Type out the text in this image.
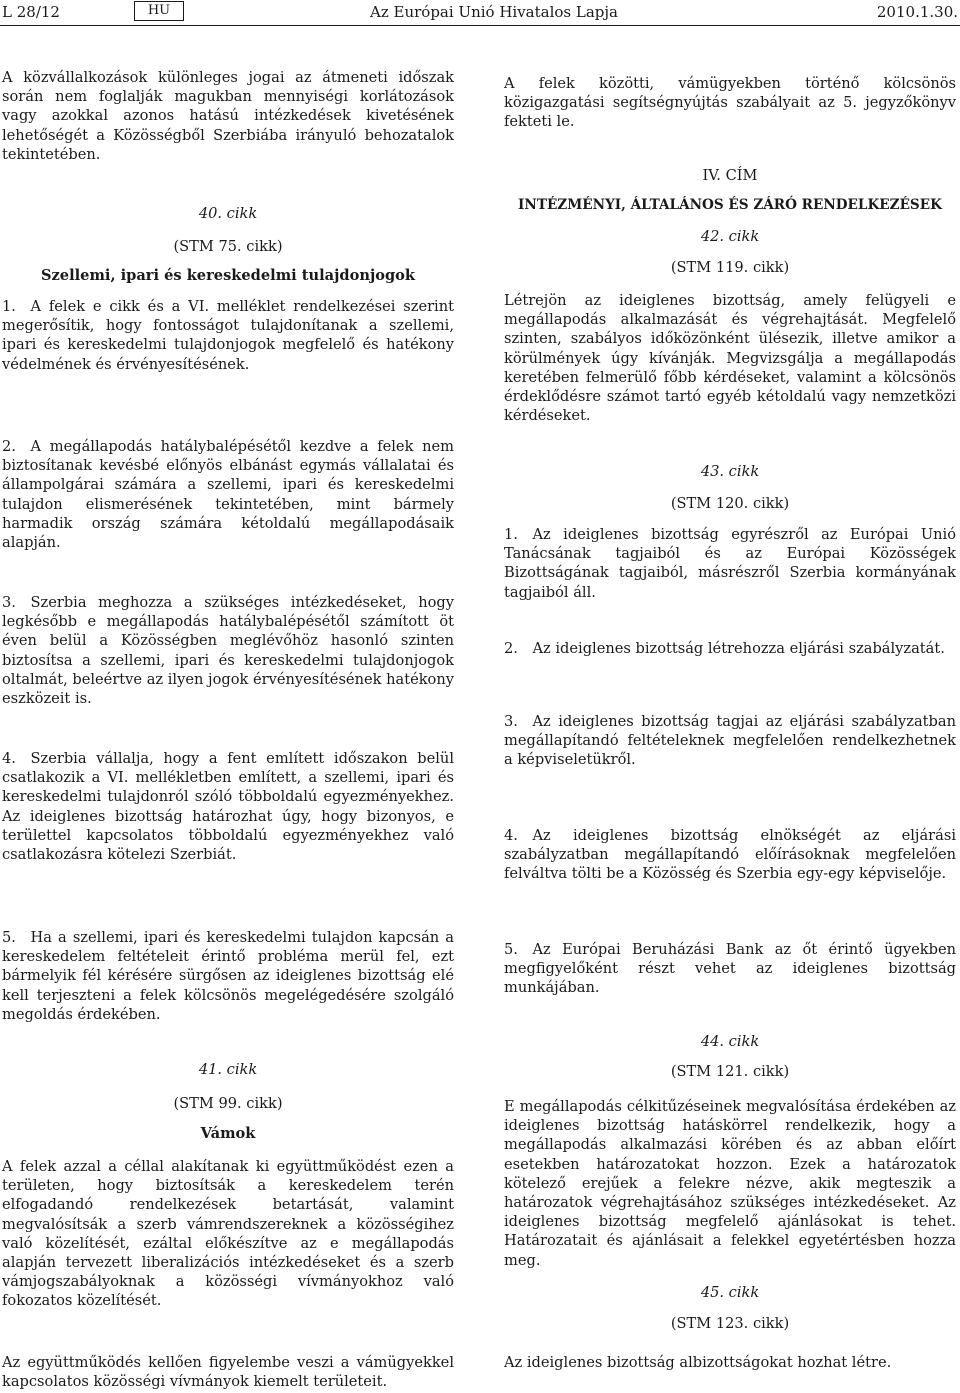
L 28/12	HU	Az Európai Unió Hivatalos Lapja	2010.1.30.

A közvállalkozások különleges jogai az átmeneti időszak során nem foglalják magukban mennyiségi korlátozások vagy azokkal azonos hatású intézkedések kivetésének lehetőségét a Közösségből Szerbiába irányuló behozatalok tekintetében.

40. cikk

(STM 75. cikk)

Szellemi, ipari és kereskedelmi tulajdonjogok

1. A felek e cikk és a VI. melléklet rendelkezései szerint megerősítik, hogy fontosságot tulajdonítanak a szellemi, ipari és kereskedelmi tulajdonjogok megfelelő és hatékony védelmének és érvényesítésének.

2. A megállapodás hatálybalépésétől kezdve a felek nem biztosítanak kevésbé előnyös elbánást egymás vállalatai és állampolgárai számára a szellemi, ipari és kereskedelmi tulajdon elismerésének tekintetében, mint bármely harmadik ország számára kétoldalú megállapodásaik alapján.

3. Szerbia meghozza a szükséges intézkedéseket, hogy legkésőbb e megállapodás hatálybalépésétől számított öt éven belül a Közösségben meglévőhöz hasonló szinten biztosítsa a szellemi, ipari és kereskedelmi tulajdonjogok oltalmát, beleértve az ilyen jogok érvényesítésének hatékony eszközeit is.

4. Szerbia vállalja, hogy a fent említett időszakon belül csatlakozik a VI. mellékletben említett, a szellemi, ipari és kereskedelmi tulajdonról szóló többoldalú egyezményekhez. Az ideiglenes bizottság határozhat úgy, hogy bizonyos, e területtel kapcsolatos többoldalú egyezményekhez való csatlakozásra kötelezi Szerbiát.

5. Ha a szellemi, ipari és kereskedelmi tulajdon kapcsán a kereskedelem feltételeit érintő probléma merül fel, ezt bármelyik fél kérésére sürgősen az ideiglenes bizottság elé kell terjeszteni a felek kölcsönös megelégedésére szolgáló megoldás érdekében.

41. cikk

(STM 99. cikk)

Vámok

A felek azzal a céllal alakítanak ki együttműködést ezen a területen, hogy biztosítsák a kereskedelem terén elfogadandó rendelkezések betartását, valamint megvalósítsák a szerb vámrendszereknek a közösségihez való közelítését, ezáltal előkészítve az e megállapodás alapján tervezett liberalizációs intézkedéseket és a szerb vámjogszabályoknak a közösségi vívmányokhoz való fokozatos közelítését.

Az együttműködés kellően figyelembe veszi a vámügyekkel kapcsolatos közösségi vívmányok kiemelt területeit.

A felek közötti, vámügyekben történő kölcsönös közigazgatási segítségnyújtás szabályait az 5. jegyzőkönyv fekteti le.

IV. CÍM

INTÉZMÉNYI, ÁLTALÁNOS ÉS ZÁRÓ RENDELKEZÉSEK

42. cikk

(STM 119. cikk)

Létrejön az ideiglenes bizottság, amely felügyeli e megállapodás alkalmazását és végrehajtását. Megfelelő szinten, szabályos időközönként ülésezik, illetve amikor a körülmények úgy kívánják. Megvizsgálja a megállapodás keretében felmerülő főbb kérdéseket, valamint a kölcsönös érdeklődésre számot tartó egyéb kétoldalú vagy nemzetközi kérdéseket.

43. cikk

(STM 120. cikk)

1. Az ideiglenes bizottság egyrészről az Európai Unió Tanácsának tagjaiból és az Európai Közösségek Bizottságának tagjaiból, másrészről Szerbia kormányának tagjaiból áll.

2. Az ideiglenes bizottság létrehozza eljárási szabályzatát.

3. Az ideiglenes bizottság tagjai az eljárási szabályzatban megállapítandó feltételeknek megfelelően rendelkezhetnek a képviseletükről.

4. Az ideiglenes bizottság elnökségét az eljárási szabályzatban megállapítandó előírásoknak megfelelően felváltva tölti be a Közösség és Szerbia egy-egy képviselője.

5. Az Európai Beruházási Bank az őt érintő ügyekben megfigyelőként részt vehet az ideiglenes bizottság munkájában.

44. cikk

(STM 121. cikk)

E megállapodás célkitűzéseinek megvalósítása érdekében az ideiglenes bizottság hatáskörrel rendelkezik, hogy a megállapodás alkalmazási körében és az abban előírt esetekben határozatokat hozzon. Ezek a határozatok kötelező erejűek a felekre nézve, akik megteszik a határozatok végrehajtásához szükséges intézkedéseket. Az ideiglenes bizottság megfelelő ajánlásokat is tehet. Határozatait és ajánlásait a felekkel egyetértésben hozza meg.

45. cikk

(STM 123. cikk)

Az ideiglenes bizottság albizottságokat hozhat létre.
